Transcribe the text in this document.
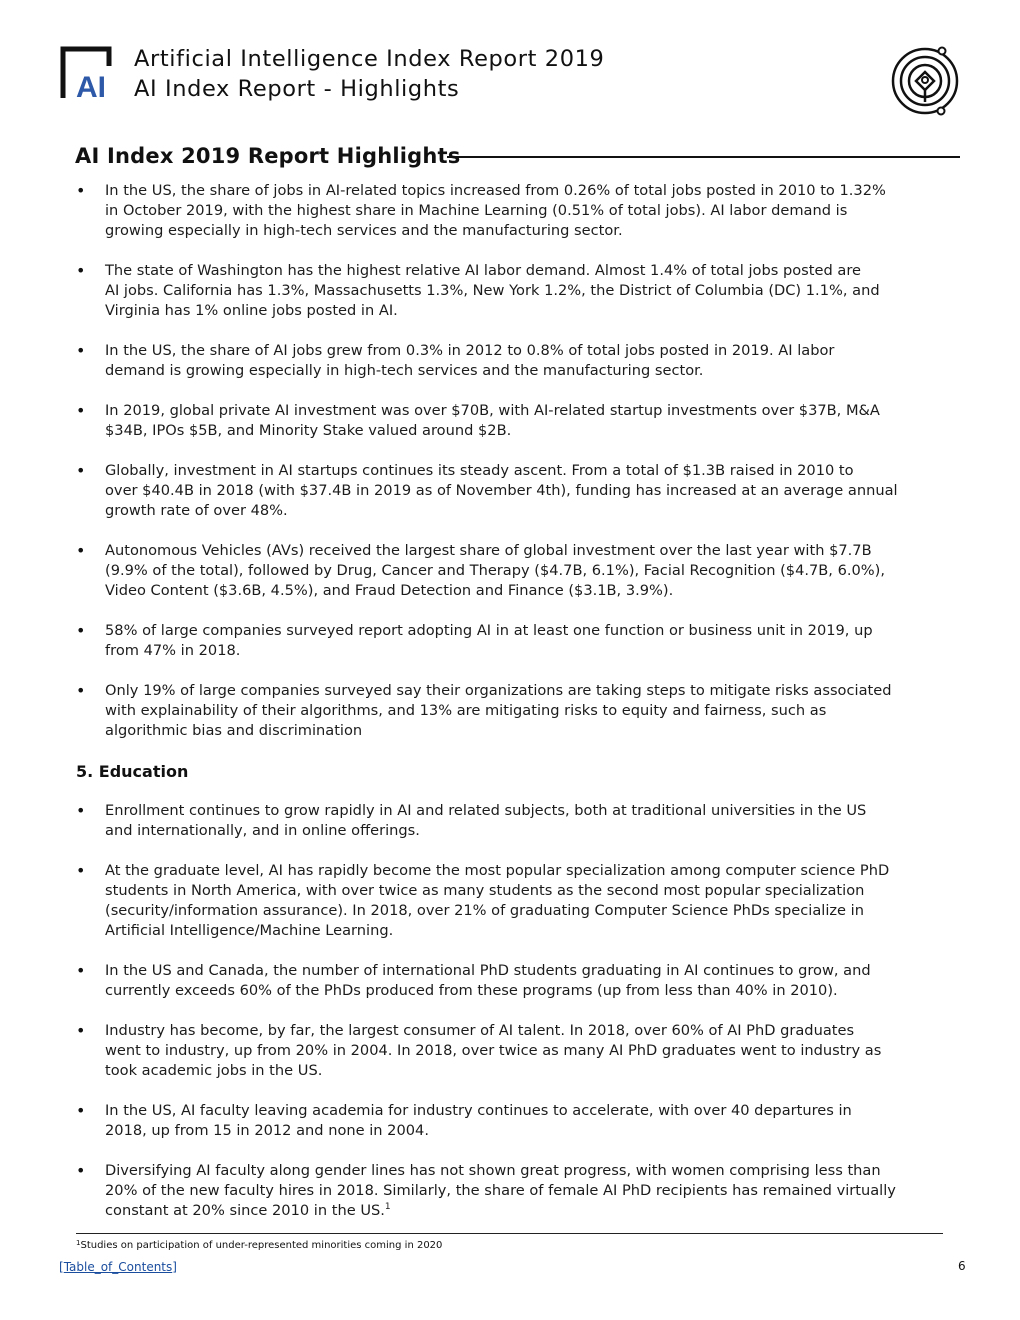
AI
Artificial Intelligence Index Report 2019
AI Index Report - Highlights
AI Index 2019 Report Highlights
• In the US, the share of jobs in AI-related topics increased from 0.26% of total jobs posted in 2010 to 1.32%
in October 2019, with the highest share in Machine Learning (0.51% of total jobs). AI labor demand is
growing especially in high-tech services and the manufacturing sector.
• The state of Washington has the highest relative AI labor demand. Almost 1.4% of total jobs posted are
AI jobs. California has 1.3%, Massachusetts 1.3%, New York 1.2%, the District of Columbia (DC) 1.1%, and
Virginia has 1% online jobs posted in AI.
• In the US, the share of AI jobs grew from 0.3% in 2012 to 0.8% of total jobs posted in 2019. AI labor
demand is growing especially in high-tech services and the manufacturing sector.
• In 2019, global private AI investment was over $70B, with AI-related startup investments over $37B, M&A
$34B, IPOs $5B, and Minority Stake valued around $2B.
• Globally, investment in AI startups continues its steady ascent. From a total of $1.3B raised in 2010 to
over $40.4B in 2018 (with $37.4B in 2019 as of November 4th), funding has increased at an average annual
growth rate of over 48%.
• Autonomous Vehicles (AVs) received the largest share of global investment over the last year with $7.7B
(9.9% of the total), followed by Drug, Cancer and Therapy ($4.7B, 6.1%), Facial Recognition ($4.7B, 6.0%),
Video Content ($3.6B, 4.5%), and Fraud Detection and Finance ($3.1B, 3.9%).
• 58% of large companies surveyed report adopting AI in at least one function or business unit in 2019, up
from 47% in 2018.
• Only 19% of large companies surveyed say their organizations are taking steps to mitigate risks associated
with explainability of their algorithms, and 13% are mitigating risks to equity and fairness, such as
algorithmic bias and discrimination
5. Education
• Enrollment continues to grow rapidly in AI and related subjects, both at traditional universities in the US
and internationally, and in online offerings.
• At the graduate level, AI has rapidly become the most popular specialization among computer science PhD
students in North America, with over twice as many students as the second most popular specialization
(security/information assurance). In 2018, over 21% of graduating Computer Science PhDs specialize in
Artificial Intelligence/Machine Learning.
• In the US and Canada, the number of international PhD students graduating in AI continues to grow, and
currently exceeds 60% of the PhDs produced from these programs (up from less than 40% in 2010).
• Industry has become, by far, the largest consumer of AI talent. In 2018, over 60% of AI PhD graduates
went to industry, up from 20% in 2004. In 2018, over twice as many AI PhD graduates went to industry as
took academic jobs in the US.
• In the US, AI faculty leaving academia for industry continues to accelerate, with over 40 departures in
2018, up from 15 in 2012 and none in 2004.
• Diversifying AI faculty along gender lines has not shown great progress, with women comprising less than
20% of the new faculty hires in 2018. Similarly, the share of female AI PhD recipients has remained virtually
constant at 20% since 2010 in the US.$^1$
$^1$Studies on participation of under-represented minorities coming in 2020
[Table_of_Contents]	6
